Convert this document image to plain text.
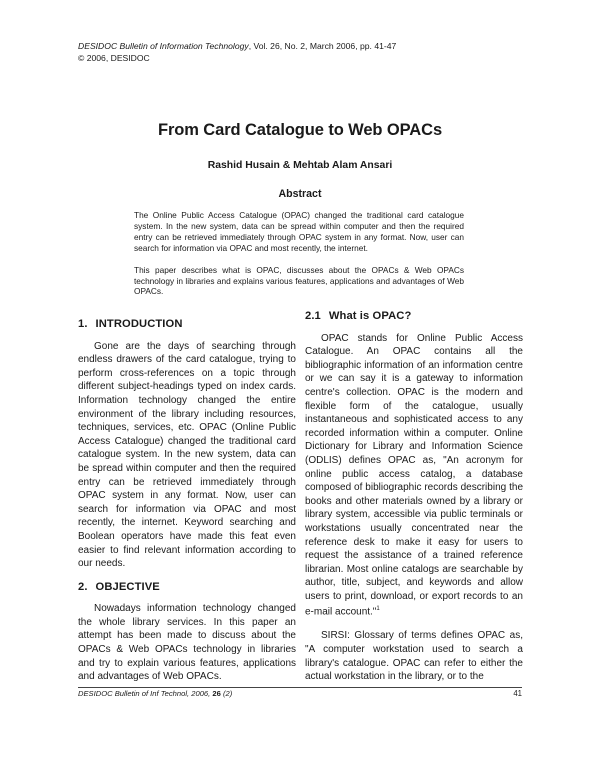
DESIDOC Bulletin of Information Technology, Vol. 26, No. 2, March 2006, pp. 41-47
© 2006, DESIDOC
From Card Catalogue to Web OPACs
Rashid Husain & Mehtab Alam Ansari
Abstract

The Online Public Access Catalogue (OPAC) changed the traditional card catalogue system. In the new system, data can be spread within computer and then the required entry can be retrieved immediately through OPAC system in any format. Now, user can search for information via OPAC and most recently, the internet.

This paper describes what is OPAC, discusses about the OPACs & Web OPACs technology in libraries and explains various features, applications and advantages of Web OPACs.

1. INTRODUCTION

Gone are the days of searching through endless drawers of the card catalogue, trying to perform cross-references on a topic through different subject-headings typed on index cards. Information technology changed the entire environment of the library including resources, techniques, services, etc. OPAC (Online Public Access Catalogue) changed the traditional card catalogue system. In the new system, data can be spread within computer and then the required entry can be retrieved immediately through OPAC system in any format. Now, user can search for information via OPAC and most recently, the internet. Keyword searching and Boolean operators have made this feat even easier to find relevant information according to our needs.

2. OBJECTIVE

Nowadays information technology changed the whole library services. In this paper an attempt has been made to discuss about the OPACs & Web OPACs technology in libraries and try to explain various features, applications and advantages of Web OPACs.

2.1 What is OPAC?

OPAC stands for Online Public Access Catalogue. An OPAC contains all the bibliographic information of an information centre or we can say it is a gateway to information centre's collection. OPAC is the modern and flexible form of the catalogue, usually instantaneous and sophisticated access to any recorded information within a computer. Online Dictionary for Library and Information Science (ODLIS) defines OPAC as, "An acronym for online public access catalog, a database composed of bibliographic records describing the books and other materials owned by a library or library system, accessible via public terminals or workstations usually concentrated near the reference desk to make it easy for users to request the assistance of a trained reference librarian. Most online catalogs are searchable by author, title, subject, and keywords and allow users to print, download, or export records to an e-mail account."$^1$

SIRSI: Glossary of terms defines OPAC as, "A computer workstation used to search a library's catalogue. OPAC can refer to either the actual workstation in the library, or to the

DESIDOC Bulletin of Inf Technol, 2006, 26 (2)	41
